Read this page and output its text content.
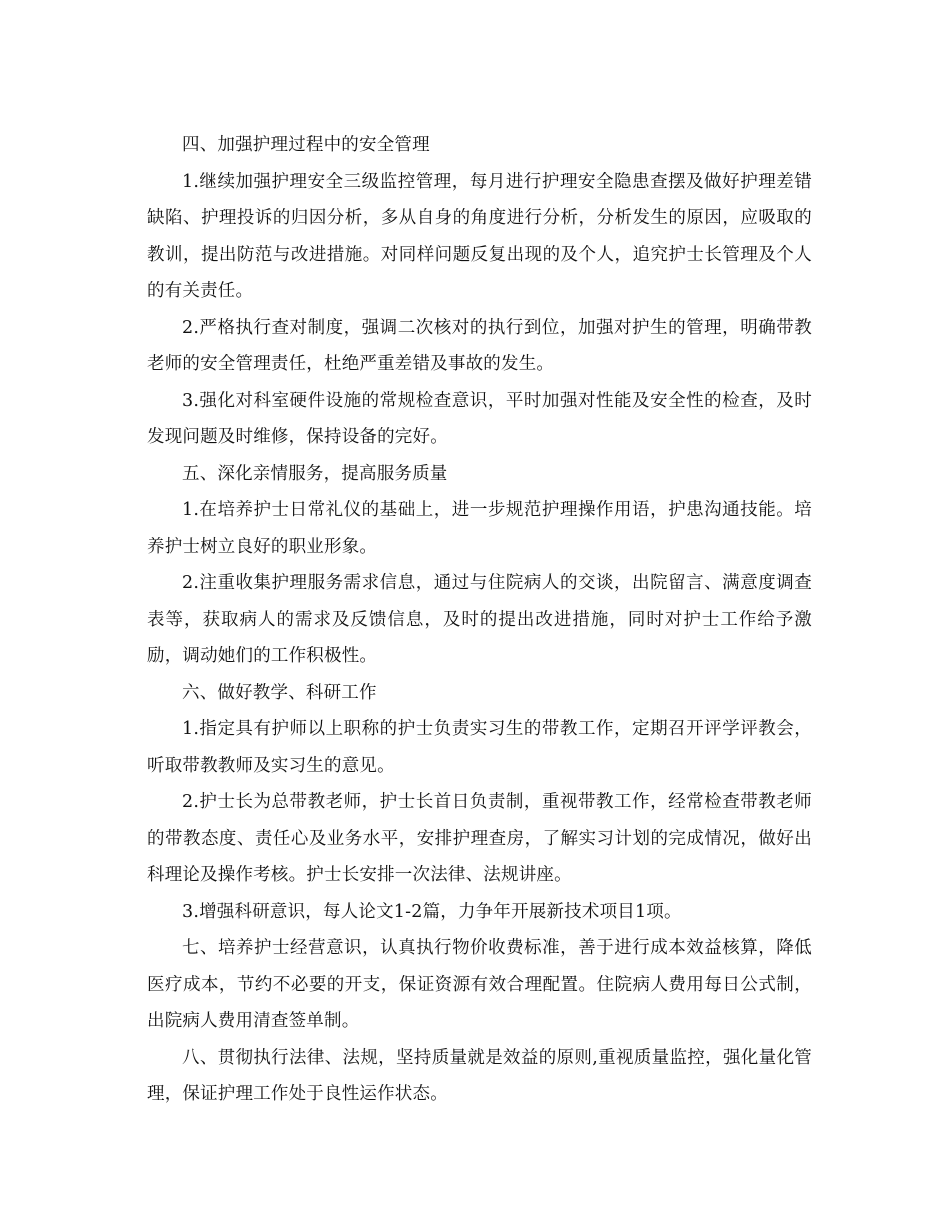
四、加强护理过程中的安全管理

1.继续加强护理安全三级监控管理，每月进行护理安全隐患查摆及做好护理差错缺陷、护理投诉的归因分析，多从自身的角度进行分析，分析发生的原因，应吸取的教训，提出防范与改进措施。对同样问题反复出现的及个人，追究护士长管理及个人的有关责任。

2.严格执行查对制度，强调二次核对的执行到位，加强对护生的管理，明确带教老师的安全管理责任，杜绝严重差错及事故的发生。

3.强化对科室硬件设施的常规检查意识，平时加强对性能及安全性的检查，及时发现问题及时维修，保持设备的完好。

五、深化亲情服务，提高服务质量

1.在培养护士日常礼仪的基础上，进一步规范护理操作用语，护患沟通技能。培养护士树立良好的职业形象。

2.注重收集护理服务需求信息，通过与住院病人的交谈，出院留言、满意度调查表等，获取病人的需求及反馈信息，及时的提出改进措施，同时对护士工作给予激励，调动她们的工作积极性。

六、做好教学、科研工作

1.指定具有护师以上职称的护士负责实习生的带教工作，定期召开评学评教会，听取带教教师及实习生的意见。

2.护士长为总带教老师，护士长首日负责制，重视带教工作，经常检查带教老师的带教态度、责任心及业务水平，安排护理查房，了解实习计划的完成情况，做好出科理论及操作考核。护士长安排一次法律、法规讲座。

3.增强科研意识，每人论文1-2篇，力争年开展新技术项目1项。

七、培养护士经营意识，认真执行物价收费标准，善于进行成本效益核算，降低医疗成本，节约不必要的开支，保证资源有效合理配置。住院病人费用每日公式制，出院病人费用清查签单制。

八、贯彻执行法律、法规，坚持质量就是效益的原则,重视质量监控，强化量化管理，保证护理工作处于良性运作状态。
